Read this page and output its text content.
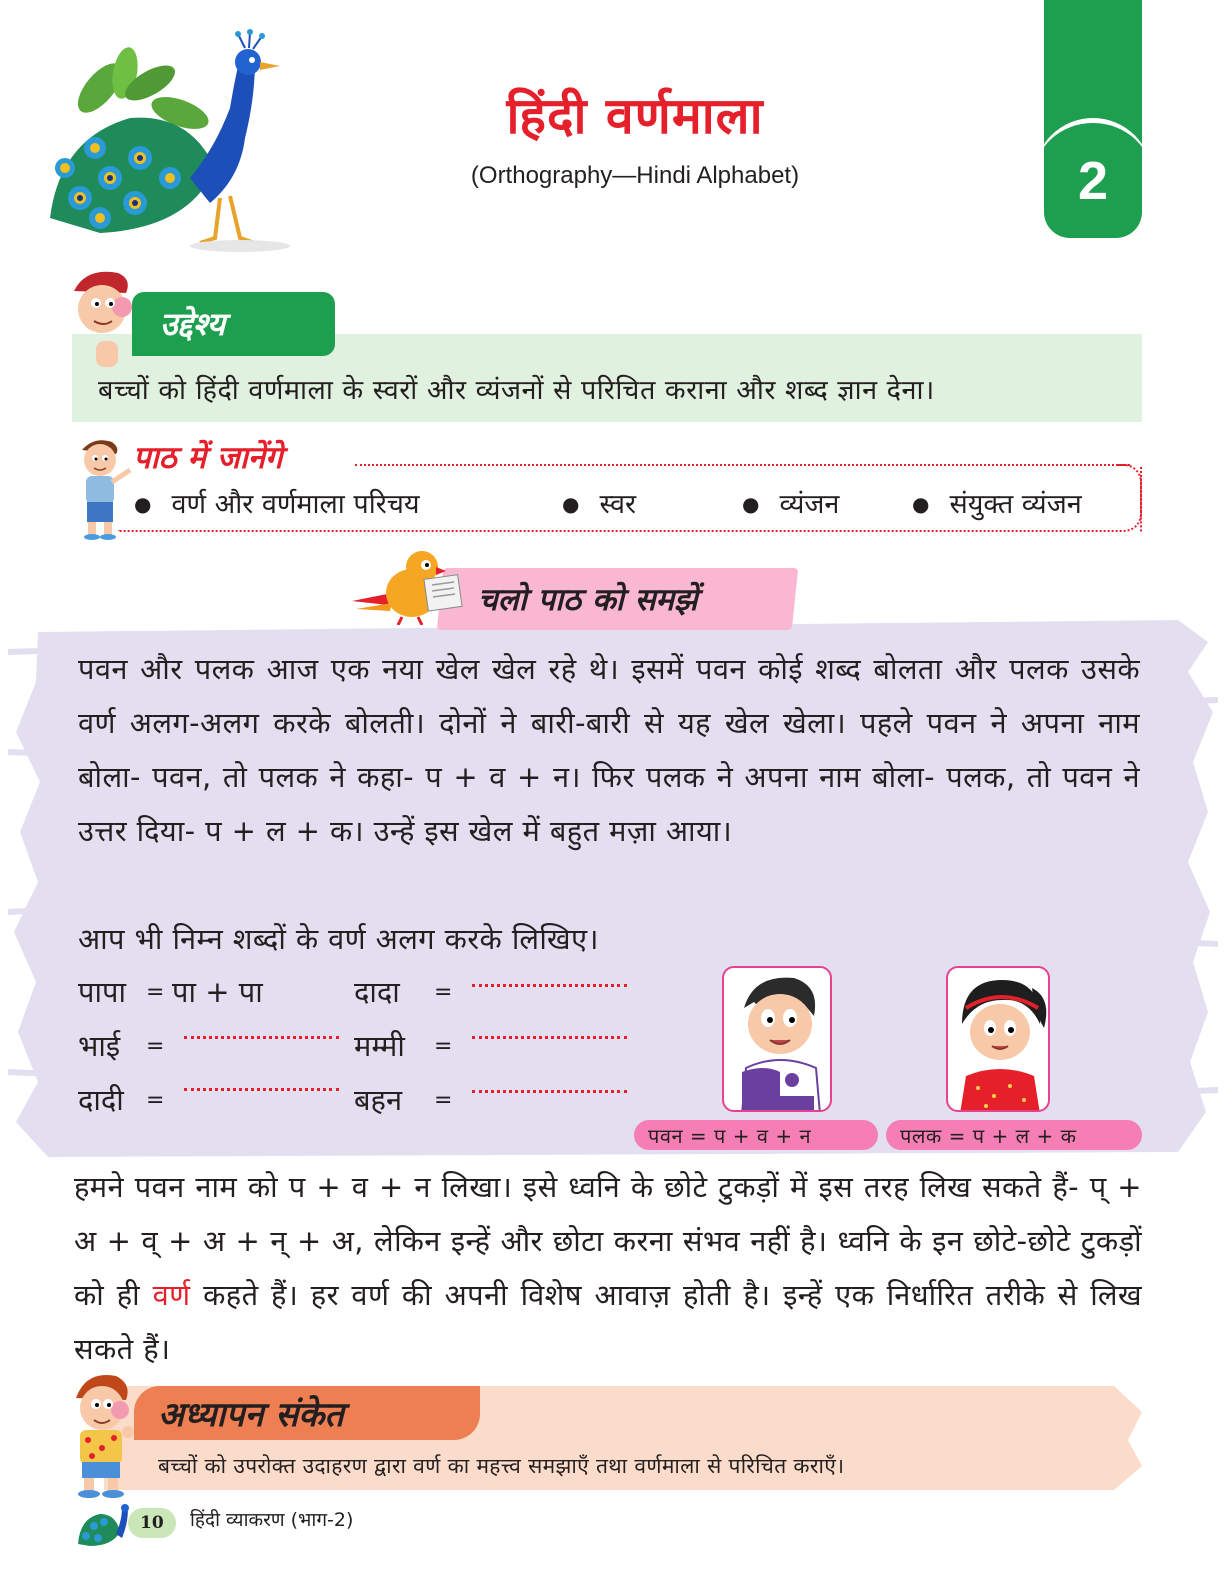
हिंदी वर्णमाला
(Orthography—Hindi Alphabet)	2
उद्देश्य
बच्चों को हिंदी वर्णमाला के स्वरों और व्यंजनों से परिचित कराना और शब्द ज्ञान देना।
पाठ में जानेंगे
● वर्ण और वर्णमाला परिचय	● स्वर	● व्यंजन	● संयुक्त व्यंजन
चलो पाठ को समझें
पवन और पलक आज एक नया खेल खेल रहे थे। इसमें पवन कोई शब्द बोलता और पलक उसके वर्ण अलग-अलग करके बोलती। दोनों ने बारी-बारी से यह खेल खेला। पहले पवन ने अपना नाम बोला- पवन, तो पलक ने कहा- प + व + न। फिर पलक ने अपना नाम बोला- पलक, तो पवन ने उत्तर दिया- प + ल + क। उन्हें इस खेल में बहुत मज़ा आया।
आप भी निम्न शब्दों के वर्ण अलग करके लिखिए।
पापा = पा + पा	दादा =
भाई =	मम्मी =
दादी =	बहन =
पवन = प + व + न	पलक = प + ल + क
हमने पवन नाम को प + व + न लिखा। इसे ध्वनि के छोटे टुकड़ों में इस तरह लिख सकते हैं- प् + अ + व् + अ + न् + अ, लेकिन इन्हें और छोटा करना संभव नहीं है। ध्वनि के इन छोटे-छोटे टुकड़ों को ही वर्ण कहते हैं। हर वर्ण की अपनी विशेष आवाज़ होती है। इन्हें एक निर्धारित तरीके से लिख सकते हैं।
अध्यापन संकेत
बच्चों को उपरोक्त उदाहरण द्वारा वर्ण का महत्त्व समझाएँ तथा वर्णमाला से परिचित कराएँ।
10	हिंदी व्याकरण (भाग-2)
